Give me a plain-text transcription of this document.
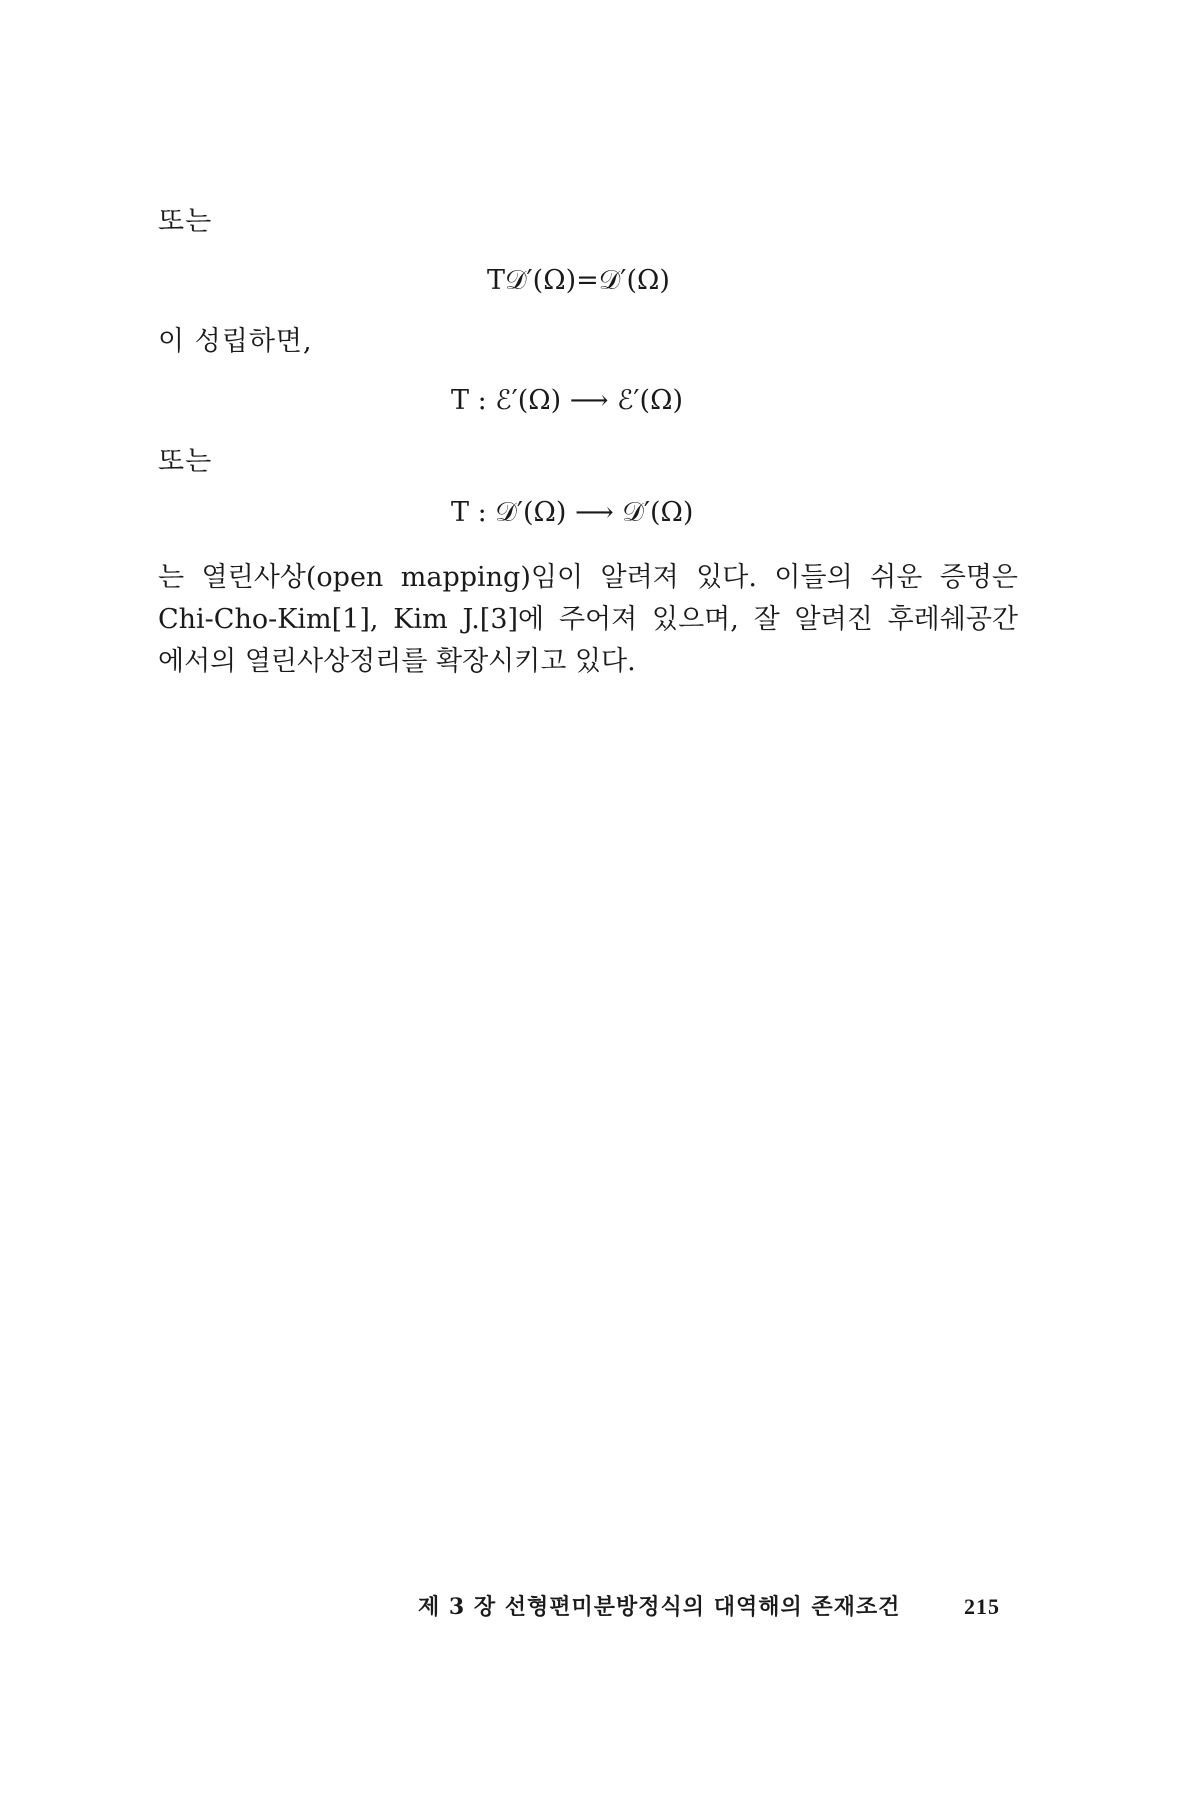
또는
T𝒟′(Ω)=𝒟′(Ω)
이 성립하면,
T : ℰ′(Ω) ⟶ ℰ′(Ω)
또는
T : 𝒟′(Ω) ⟶ 𝒟′(Ω)
는 열린사상(open mapping)임이 알려져 있다. 이들의 쉬운 증명은
Chi-Cho-Kim[1], Kim J.[3]에 주어져 있으며, 잘 알려진 후레쉐공간
에서의 열린사상정리를 확장시키고 있다.
제 3 장 선형편미분방정식의 대역해의 존재조건	215
